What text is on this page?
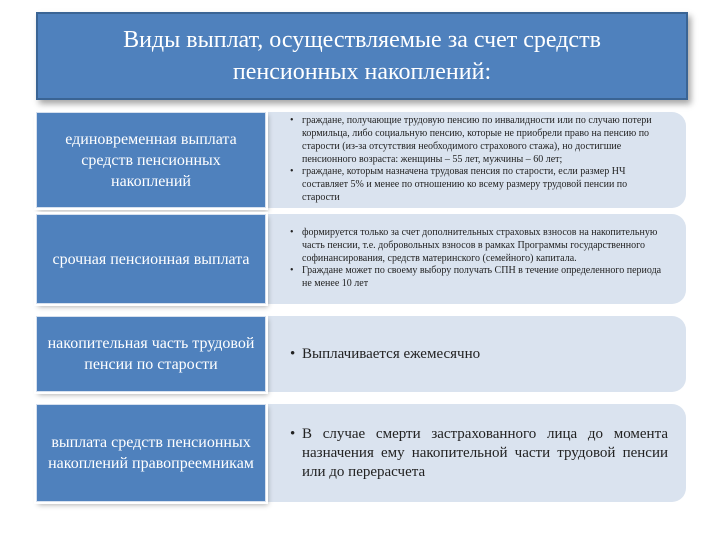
Виды выплат, осуществляемые за счет средств
пенсионных накоплений:
• граждане, получающие трудовую пенсию по инвалидности или по случаю потери кормильца, либо социальную пенсию, которые не приобрели право на пенсию по старости (из-за отсутствия необходимого страхового стажа), но достигшие пенсионного возраста: женщины – 55 лет, мужчины – 60 лет;
• граждане, которым назначена трудовая пенсия по старости, если размер НЧ составляет 5% и менее по отношению ко всему размеру трудовой пенсии по старости
единовременная выплата средств пенсионных накоплений
• формируется только за счет дополнительных страховых взносов на накопительную часть пенсии, т.е. добровольных взносов в рамках Программы государственного софинансирования, средств материнского (семейного) капитала.
• Граждане может по своему выбору получать СПН в течение определенного периода не менее 10 лет
срочная пенсионная выплата
• Выплачивается ежемесячно
накопительная часть трудовой пенсии по старости
• В случае смерти застрахованного лица до момента назначения ему накопительной части трудовой пенсии или до перерасчета
выплата средств пенсионных накоплений правопреемникам
